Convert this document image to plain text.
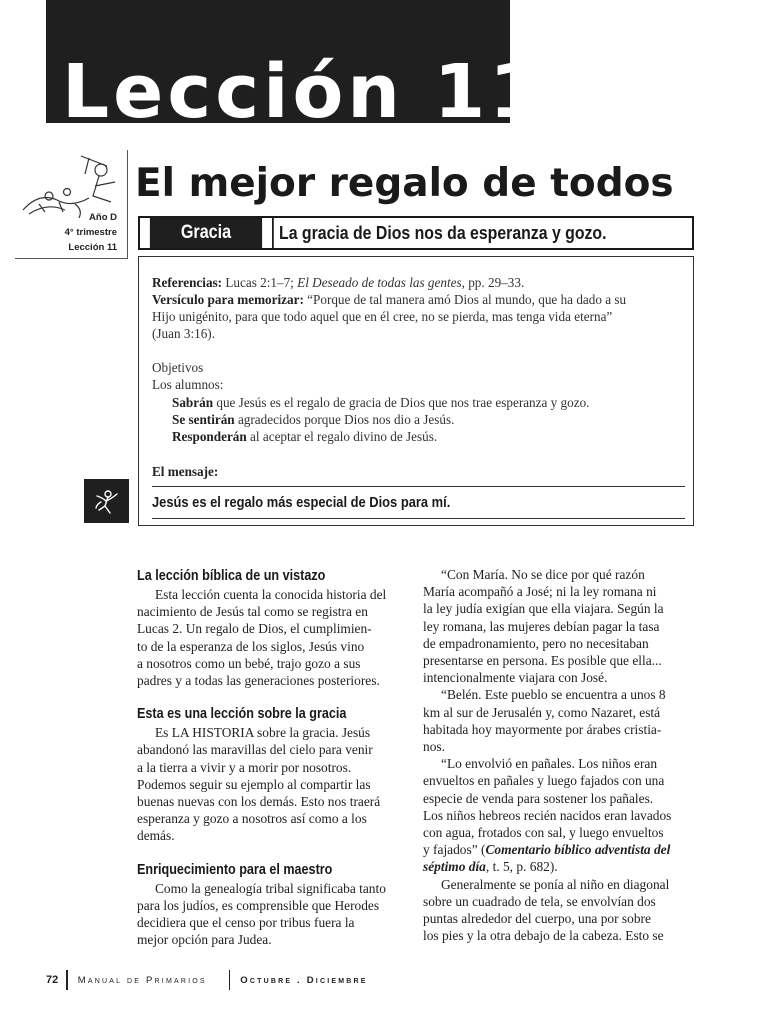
Lección 11
Año D
4° trimestre
Lección 11
El mejor regalo de todos
Gracia	La gracia de Dios nos da esperanza y gozo.
Referencias: Lucas 2:1–7; El Deseado de todas las gentes, pp. 29–33.
Versículo para memorizar: “Porque de tal manera amó Dios al mundo, que ha dado a su
Hijo unigénito, para que todo aquel que en él cree, no se pierda, mas tenga vida eterna”
(Juan 3:16).
Objetivos
Los alumnos:
Sabrán que Jesús es el regalo de gracia de Dios que nos trae esperanza y gozo.
Se sentirán agradecidos porque Dios nos dio a Jesús.
Responderán al aceptar el regalo divino de Jesús.
El mensaje:
Jesús es el regalo más especial de Dios para mí.
La lección bíblica de un vistazo

Esta lección cuenta la conocida historia del
nacimiento de Jesús tal como se registra en
Lucas 2. Un regalo de Dios, el cumplimien-
to de la esperanza de los siglos, Jesús vino
a nosotros como un bebé, trajo gozo a sus
padres y a todas las generaciones posteriores.

Esta es una lección sobre la gracia

Es LA HISTORIA sobre la gracia. Jesús
abandonó las maravillas del cielo para venir
a la tierra a vivir y a morir por nosotros.
Podemos seguir su ejemplo al compartir las
buenas nuevas con los demás. Esto nos traerá
esperanza y gozo a nosotros así como a los
demás.

Enriquecimiento para el maestro

Como la genealogía tribal significaba tanto
para los judíos, es comprensible que Herodes
decidiera que el censo por tribus fuera la
mejor opción para Judea.

“Con María. No se dice por qué razón
María acompañó a José; ni la ley romana ni
la ley judía exigían que ella viajara. Según la
ley romana, las mujeres debían pagar la tasa
de empadronamiento, pero no necesitaban
presentarse en persona. Es posible que ella...
intencionalmente viajara con José.

“Belén. Este pueblo se encuentra a unos 8
km al sur de Jerusalén y, como Nazaret, está
habitada hoy mayormente por árabes cristia-
nos.

“Lo envolvió en pañales. Los niños eran
envueltos en pañales y luego fajados con una
especie de venda para sostener los pañales.
Los niños hebreos recién nacidos eran lavados
con agua, frotados con sal, y luego envueltos
y fajados” (Comentario bíblico adventista del
séptimo día, t. 5, p. 682).

Generalmente se ponía al niño en diagonal
sobre un cuadrado de tela, se envolvían dos
puntas alrededor del cuerpo, una por sobre
los pies y la otra debajo de la cabeza. Esto se

72 Manual de Primarios	Octubre . Diciembre
